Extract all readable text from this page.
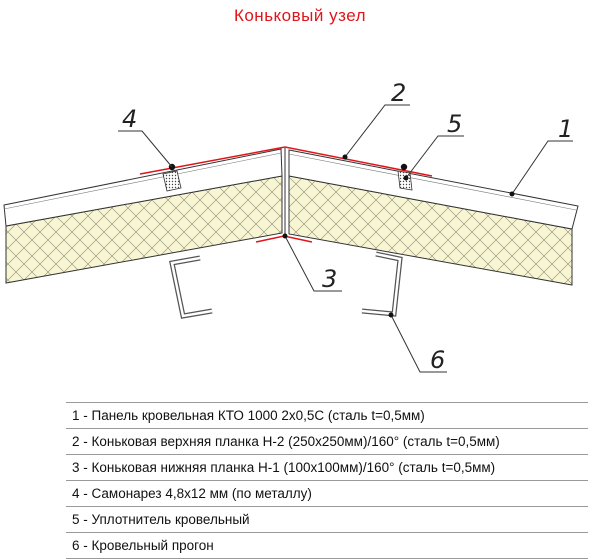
Коньковый узел
1
2
3
4	5
6
1 - Панель кровельная КТО 1000 2х0,5С (сталь t=0,5мм)
2 - Коньковая верхняя планка Н-2 (250х250мм)/160° (сталь t=0,5мм)
3 - Коньковая нижняя планка Н-1 (100х100мм)/160° (сталь t=0,5мм)
4 - Самонарез 4,8х12 мм (по металлу)
5 - Уплотнитель кровельный
6 - Кровельный прогон
